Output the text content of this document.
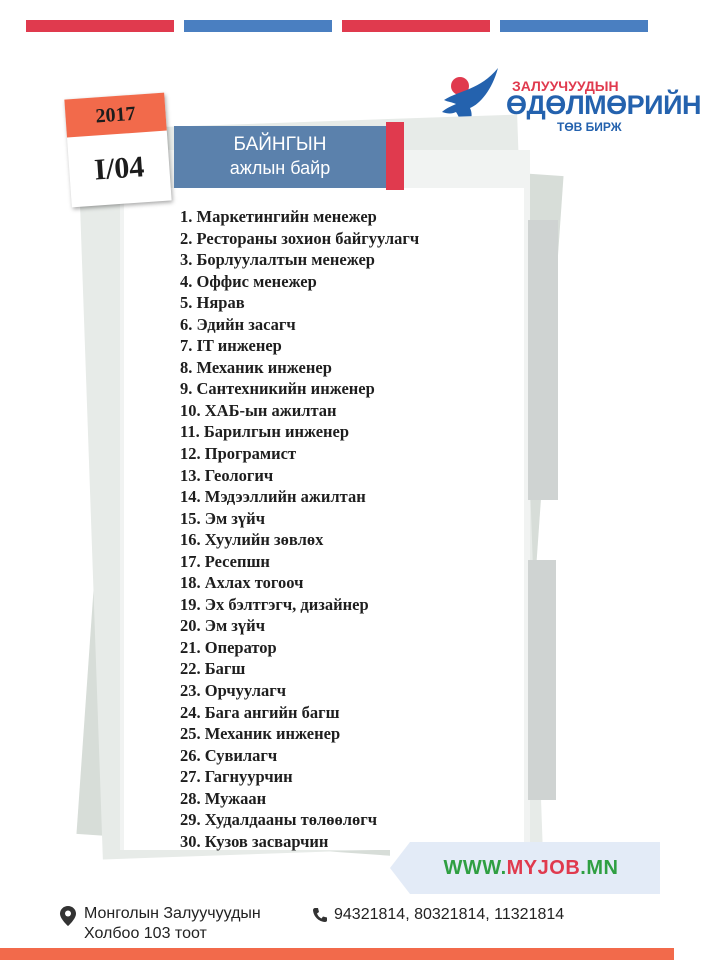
ЗАЛУУЧУУДЫН
ӨДӨЛМӨРИЙН
ТӨВ БИРЖ
2017
I/04
БАЙНГЫН
ажлын байр
1. Маркетингийн менежер
2. Рестораны зохион байгуулагч
3. Борлуулалтын менежер
4. Оффис менежер
5. Нярав
6. Эдийн засагч
7. IT инженер
8. Механик инженер
9. Сантехникийн инженер
10. ХАБ-ын ажилтан
11. Барилгын инженер
12. Програмист
13. Геологич
14. Мэдээллийн ажилтан
15. Эм зүйч
16. Хуулийн зөвлөх
17. Ресепшн
18. Ахлах тогооч
19. Эх бэлтгэгч, дизайнер
20. Эм зүйч
21. Оператор
22. Багш
23. Орчуулагч
24. Бага ангийн багш
25. Механик инженер
26. Сувилагч
27. Гагнуурчин
28. Мужаан
29. Худалдааны төлөөлөгч
30. Кузов засварчин
WWW.MYJOB.MN
Монголын Залуучуудын
Холбоо 103 тоот
94321814, 80321814, 11321814
